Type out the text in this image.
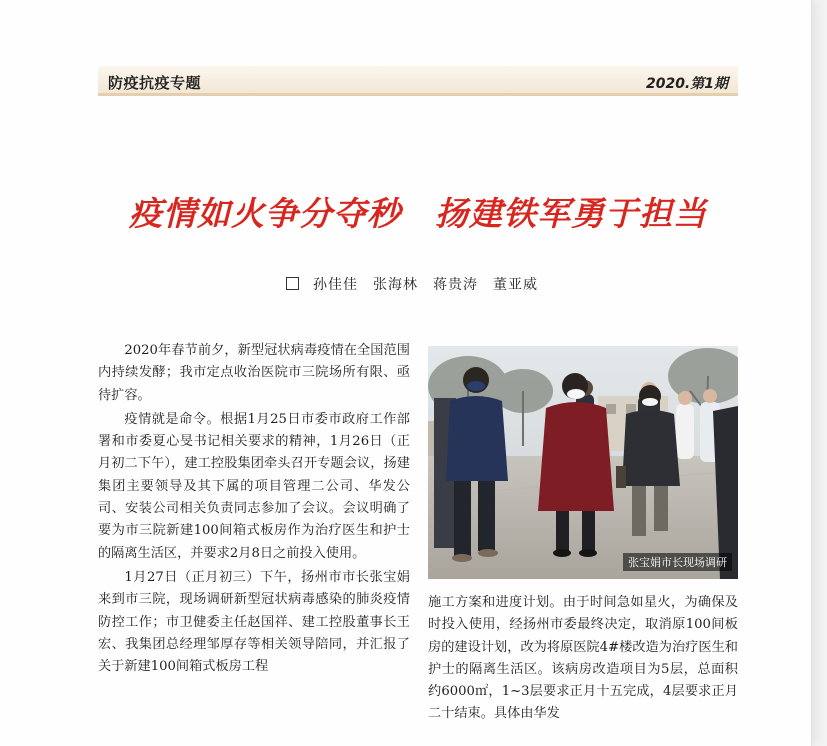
防疫抗疫专题	2020.第1期
疫情如火争分夺秒　扬建铁军勇于担当
孙佳佳　张海林　蒋贵涛　董亚威

2020年春节前夕，新型冠状病毒疫情在全国范围内持续发酵；我市定点收治医院市三院场所有限、亟待扩容。

疫情就是命令。根据1月25日市委市政府工作部署和市委夏心旻书记相关要求的精神，1月26日（正月初二下午），建工控股集团牵头召开专题会议，扬建集团主要领导及其下属的项目管理二公司、华发公司、安装公司相关负责同志参加了会议。会议明确了要为市三院新建100间箱式板房作为治疗医生和护士的隔离生活区，并要求2月8日之前投入使用。

1月27日（正月初三）下午，扬州市市长张宝娟来到市三院，现场调研新型冠状病毒感染的肺炎疫情防控工作；市卫健委主任赵国祥、建工控股董事长王宏、我集团总经理邹厚存等相关领导陪同，并汇报了关于新建100间箱式板房工程

张宝娟市长现场调研

施工方案和进度计划。由于时间急如星火，为确保及时投入使用，经扬州市委最终决定，取消原100间板房的建设计划，改为将原医院4#楼改造为治疗医生和护士的隔离生活区。该病房改造项目为5层，总面积约6000㎡，1~3层要求正月十五完成，4层要求正月二十结束。具体由华发
